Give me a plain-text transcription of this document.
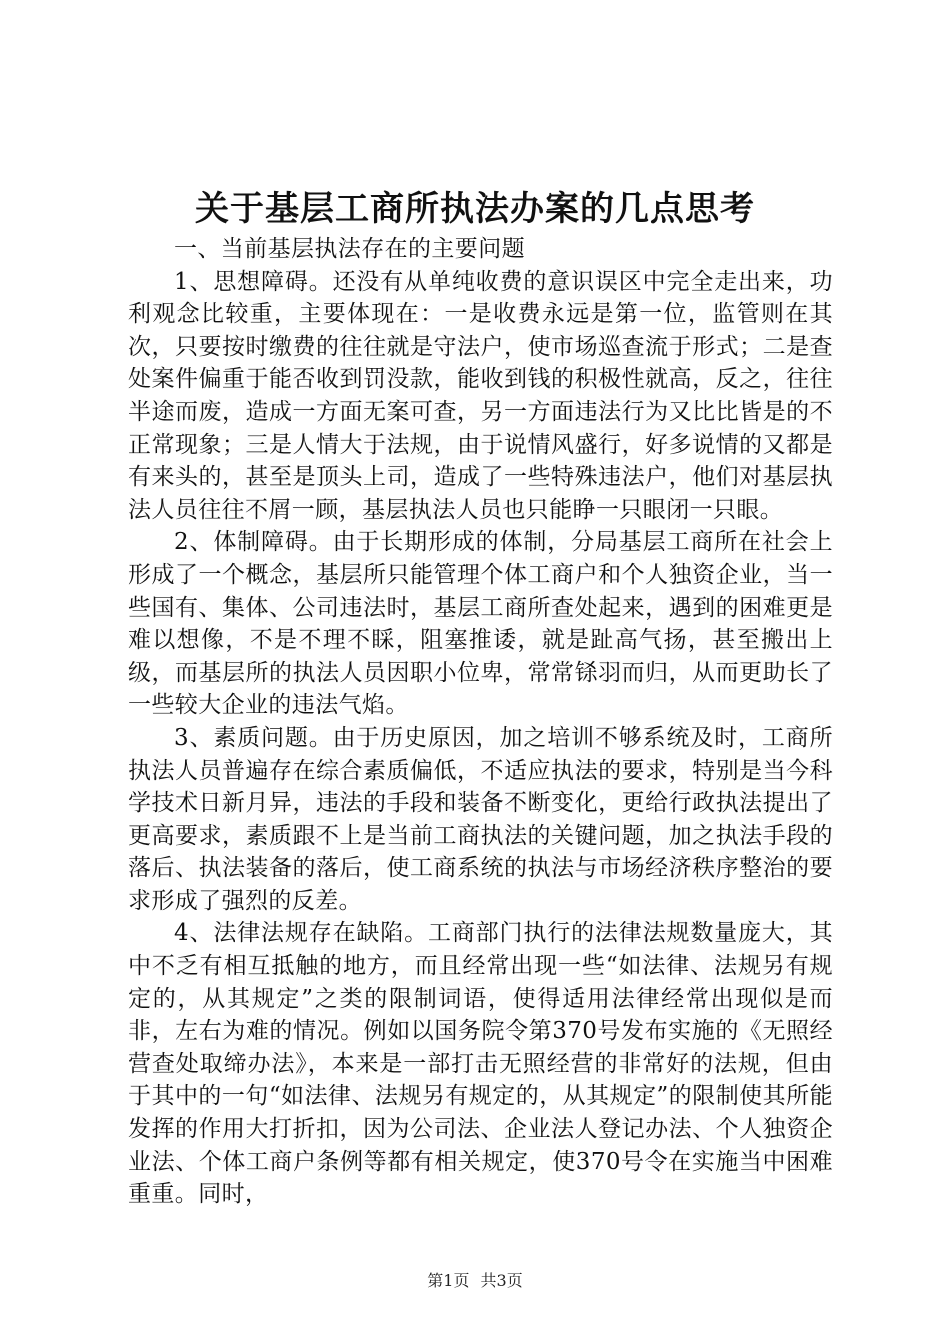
关于基层工商所执法办案的几点思考

一、当前基层执法存在的主要问题

1、思想障碍。还没有从单纯收费的意识误区中完全走出来，功利观念比较重，主要体现在：一是收费永远是第一位，监管则在其次，只要按时缴费的往往就是守法户，使市场巡查流于形式；二是查处案件偏重于能否收到罚没款，能收到钱的积极性就高，反之，往往半途而废，造成一方面无案可查，另一方面违法行为又比比皆是的不正常现象；三是人情大于法规，由于说情风盛行，好多说情的又都是有来头的，甚至是顶头上司，造成了一些特殊违法户，他们对基层执法人员往往不屑一顾，基层执法人员也只能睁一只眼闭一只眼。

2、体制障碍。由于长期形成的体制，分局基层工商所在社会上形成了一个概念，基层所只能管理个体工商户和个人独资企业，当一些国有、集体、公司违法时，基层工商所查处起来，遇到的困难更是难以想像，不是不理不睬，阻塞推诿，就是趾高气扬，甚至搬出上级，而基层所的执法人员因职小位卑，常常铩羽而归，从而更助长了一些较大企业的违法气焰。

3、素质问题。由于历史原因，加之培训不够系统及时，工商所执法人员普遍存在综合素质偏低，不适应执法的要求，特别是当今科学技术日新月异，违法的手段和装备不断变化，更给行政执法提出了更高要求，素质跟不上是当前工商执法的关键问题，加之执法手段的落后、执法装备的落后，使工商系统的执法与市场经济秩序整治的要求形成了强烈的反差。

4、法律法规存在缺陷。工商部门执行的法律法规数量庞大，其中不乏有相互抵触的地方，而且经常出现一些“如法律、法规另有规定的，从其规定”之类的限制词语，使得适用法律经常出现似是而非，左右为难的情况。例如以国务院令第370号发布实施的《无照经营查处取缔办法》，本来是一部打击无照经营的非常好的法规，但由于其中的一句“如法律、法规另有规定的，从其规定”的限制使其所能发挥的作用大打折扣，因为公司法、企业法人登记办法、个人独资企业法、个体工商户条例等都有相关规定，使370号令在实施当中困难重重。同时，

第1页 共3页
